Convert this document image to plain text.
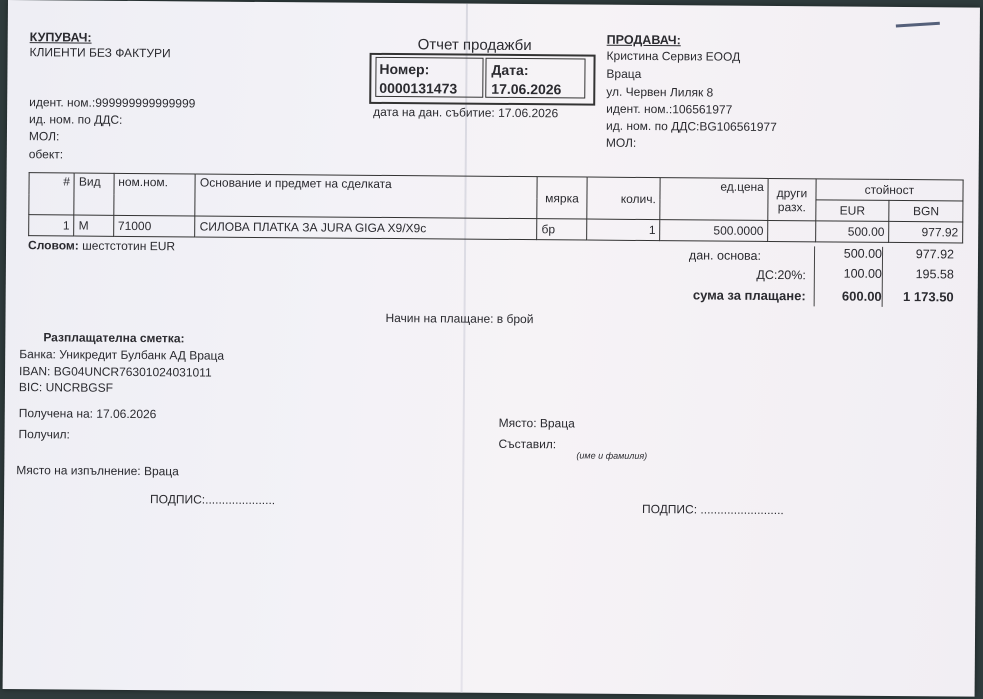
КУПУВАЧ:
КЛИЕНТИ БЕЗ ФАКТУРИ
идент. ном.:999999999999999
ид. ном. по ДДС:
МОЛ:
обект:
Отчет продажби
Номер:
0000131473
Дата:
17.06.2026
дата на дан. събитие: 17.06.2026
ПРОДАВАЧ:
Кристина Сервиз ЕООД
Враца
ул. Червен Лиляк 8
идент. ном.:106561977
ид. ном. по ДДС:BG106561977
МОЛ:
#	Вид	ном.ном.	Основание и предмет на сделката	мярка	колич.	ед.цена	други разх.	стойност	
								EUR	BGN
1	М	71000	СИЛОВА ПЛАТКА ЗА JURA GIGA X9/X9c	бр	1	500.0000		500.00	977.92
Словом: шестстотин EUR
дан. основа:	500.00	977.92
ДС:20%:	100.00	195.58
сума за плащане:	600.00	1 173.50
Начин на плащане: в брой
Разплащателна сметка:
Банка: Уникредит Булбанк АД Враца
IBAN: BG04UNCR76301024031011
BIC: UNCRBGSF
Получена на: 17.06.2026
Получил:
Място на изпълнение: Враца
Място: Враца
Съставил:
(име и фамилия)
ПОДПИС:.....................
ПОДПИС: .........................
